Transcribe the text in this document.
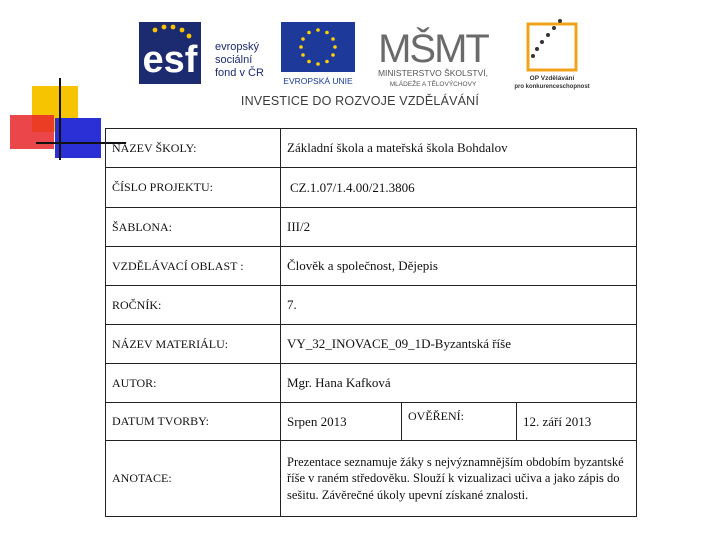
esf evropský
sociální
fond v ČR
EVROPSKÁ UNIE
MŠMT
MINISTERSTVO ŠKOLSTVÍ,
MLÁDEŽE A TĚLOVÝCHOVY
OP Vzdělávání
pro konkurenceschopnost
INVESTICE DO ROZVOJE VZDĚLÁVÁNÍ
NÁZEV ŠKOLY:	Základní škola a mateřská škola Bohdalov		
ČÍSLO PROJEKTU:	CZ.1.07/1.4.00/21.3806		
ŠABLONA:	III/2		
VZDĚLÁVACÍ OBLAST :	Člověk a společnost, Dějepis		
ROČNÍK:	7.		
NÁZEV MATERIÁLU:	VY_32_INOVACE_09_1D-Byzantská říše		
AUTOR:	Mgr. Hana Kafková		
DATUM TVORBY:	Srpen 2013	OVĚŘENÍ:	12. září 2013
ANOTACE:	Prezentace seznamuje žáky s nejvýznamnějším obdobím byzantské říše v raném středověku. Slouží k vizualizaci učiva a jako zápis do sešitu. Závěrečné úkoly upevní získané znalosti.		
